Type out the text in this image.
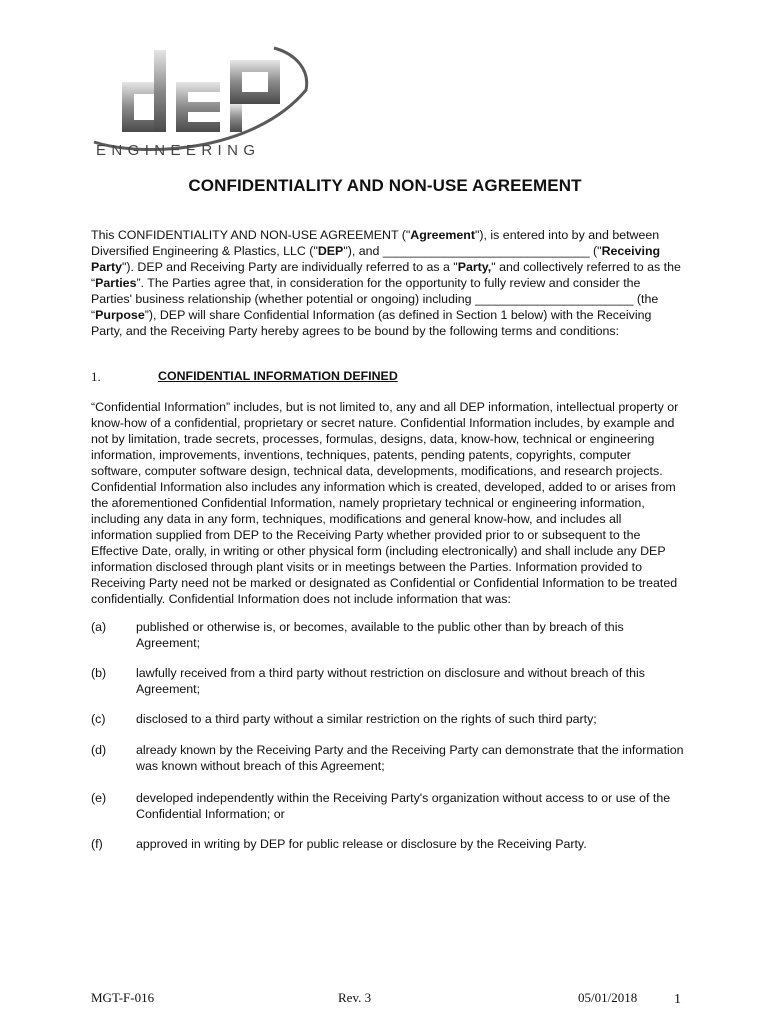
ENGINEERING
CONFIDENTIALITY AND NON-USE AGREEMENT

This CONFIDENTIALITY AND NON-USE AGREEMENT ("Agreement"), is entered into by and between Diversified Engineering & Plastics, LLC ("DEP"), and ______________________________ ("Receiving Party"). DEP and Receiving Party are individually referred to as a "Party," and collectively referred to as the “Parties”. The Parties agree that, in consideration for the opportunity to fully review and consider the Parties' business relationship (whether potential or ongoing) including _______________________ (the “Purpose”), DEP will share Confidential Information (as defined in Section 1 below) with the Receiving Party, and the Receiving Party hereby agrees to be bound by the following terms and conditions:

1.	CONFIDENTIAL INFORMATION DEFINED

“Confidential Information” includes, but is not limited to, any and all DEP information, intellectual property or know-how of a confidential, proprietary or secret nature. Confidential Information includes, by example and not by limitation, trade secrets, processes, formulas, designs, data, know-how, technical or engineering information, improvements, inventions, techniques, patents, pending patents, copyrights, computer software, computer software design, technical data, developments, modifications, and research projects. Confidential Information also includes any information which is created, developed, added to or arises from the aforementioned Confidential Information, namely proprietary technical or engineering information, including any data in any form, techniques, modifications and general know-how, and includes all information supplied from DEP to the Receiving Party whether provided prior to or subsequent to the Effective Date, orally, in writing or other physical form (including electronically) and shall include any DEP information disclosed through plant visits or in meetings between the Parties. Information provided to Receiving Party need not be marked or designated as Confidential or Confidential Information to be treated confidentially. Confidential Information does not include information that was:

(a) published or otherwise is, or becomes, available to the public other than by breach of this Agreement;

(b) lawfully received from a third party without restriction on disclosure and without breach of this Agreement;

(c) disclosed to a third party without a similar restriction on the rights of such third party;

(d) already known by the Receiving Party and the Receiving Party can demonstrate that the information was known without breach of this Agreement;

(e) developed independently within the Receiving Party's organization without access to or use of the Confidential Information; or

(f)	approved in writing by DEP for public release or disclosure by the Receiving Party.

MGT-F-016	Rev. 3	05/01/2018	1
